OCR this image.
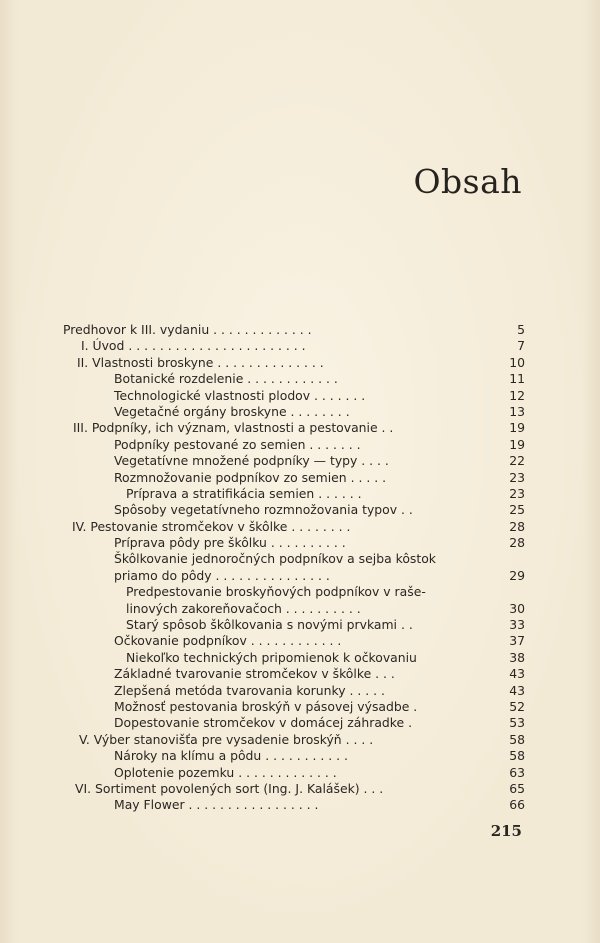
Obsah
Predhovor k III. vydaniu . . . . . . . . . . . . .	5
I. Úvod . . . . . . . . . . . . . . . . . . . . . . .	7
II. Vlastnosti broskyne . . . . . . . . . . . . . .	10
Botanické rozdelenie . . . . . . . . . . . .	11
Technologické vlastnosti plodov . . . . . . .	12
Vegetačné orgány broskyne . . . . . . . .	13
III. Podpníky, ich význam, vlastnosti a pestovanie . .	19
Podpníky pestované zo semien . . . . . . .	19
Vegetatívne množené podpníky — typy . . . .	22
Rozmnožovanie podpníkov zo semien . . . . .	23
Príprava a stratifikácia semien . . . . . .	23
Spôsoby vegetatívneho rozmnožovania typov . .	25
IV. Pestovanie stromčekov v škôlke . . . . . . . .	28
Príprava pôdy pre škôlku . . . . . . . . . .	28
Škôlkovanie jednoročných podpníkov a sejba kôstok
priamo do pôdy . . . . . . . . . . . . . . .	29
Predpestovanie broskyňových podpníkov v raše-
linových zakoreňovačoch . . . . . . . . . .	30
Starý spôsob škôlkovania s novými prvkami . .	33
Očkovanie podpníkov . . . . . . . . . . . .	37
Niekoľko technických pripomienok k očkovaniu	38
Základné tvarovanie stromčekov v škôlke . . .	43
Zlepšená metóda tvarovania korunky . . . . .	43
Možnosť pestovania broskýň v pásovej výsadbe .	52
Dopestovanie stromčekov v domácej záhradke .	53
V. Výber stanovišťa pre vysadenie broskýň . . . .	58
Nároky na klímu a pôdu . . . . . . . . . . .	58
Oplotenie pozemku . . . . . . . . . . . . .	63
VI. Sortiment povolených sort (Ing. J. Kalášek) . . .	65
May Flower . . . . . . . . . . . . . . . . .	66
215
